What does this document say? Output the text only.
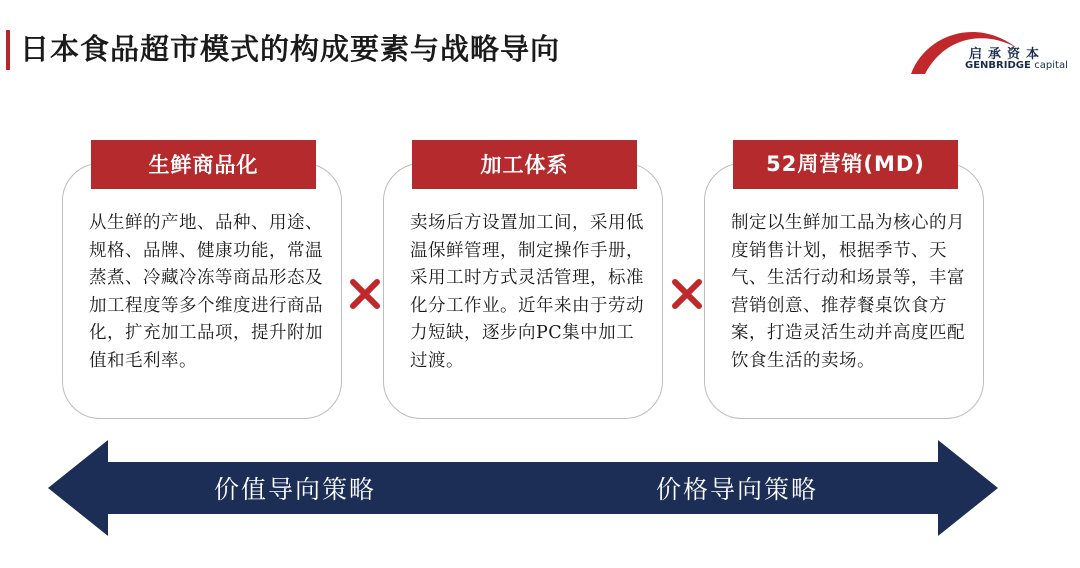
日本食品超市模式的构成要素与战略导向	启承资本
GENBRIDGE capital
从生鲜的产地、品种、用途、规格、品牌、健康功能，常温蒸煮、冷藏冷冻等商品形态及加工程度等多个维度进行商品化，扩充加工品项，提升附加值和毛利率。
生鲜商品化
卖场后方设置加工间，采用低温保鲜管理，制定操作手册，采用工时方式灵活管理，标准化分工作业。近年来由于劳动力短缺，逐步向PC集中加工过渡。
加工体系
制定以生鲜加工品为核心的月度销售计划，根据季节、天气、生活行动和场景等，丰富营销创意、推荐餐桌饮食方案，打造灵活生动并高度匹配饮食生活的卖场。
52周营销(MD)
价值导向策略	价格导向策略
